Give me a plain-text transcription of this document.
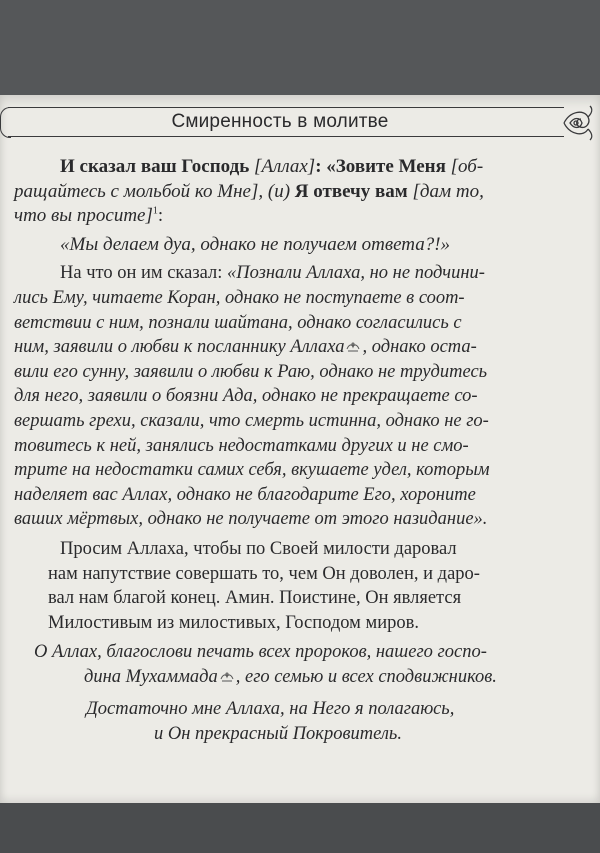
Смиренность в молитве
И сказал ваш Господь [Аллах]: «Зовите Меня [об-
ращайтесь с мольбой ко Мне], (и) Я отвечу вам [дам то,
что вы просите]$^1$:
«Мы делаем дуа, однако не получаем ответа?!»
На что он им сказал: «Познали Аллаха, но не подчини-
лись Ему, читаете Коран, однако не поступаете в соот-
ветствии с ним, познали шайтана, однако согласились с
ним, заявили о любви к посланнику Аллаха , однако оста-
вили его сунну, заявили о любви к Раю, однако не трудитесь
для него, заявили о боязни Ада, однако не прекращаете со-
вершать грехи, сказали, что смерть истинна, однако не го-
товитесь к ней, занялись недостатками других и не смо-
трите на недостатки самих себя, вкушаете удел, которым
наделяет вас Аллах, однако не благодарите Его, хороните
ваших мёртвых, однако не получаете от этого назидание».
Просим Аллаха, чтобы по Своей милости даровал
нам напутствие совершать то, чем Он доволен, и даро-
вал нам благой конец. Амин. Поистине, Он является
Милостивым из милостивых, Господом миров.
О Аллах, благослови печать всех пророков, нашего госпо-
дина Мухаммада , его семью и всех сподвижников.
Достаточно мне Аллаха, на Него я полагаюсь,
и Он прекрасный Покровитель.
